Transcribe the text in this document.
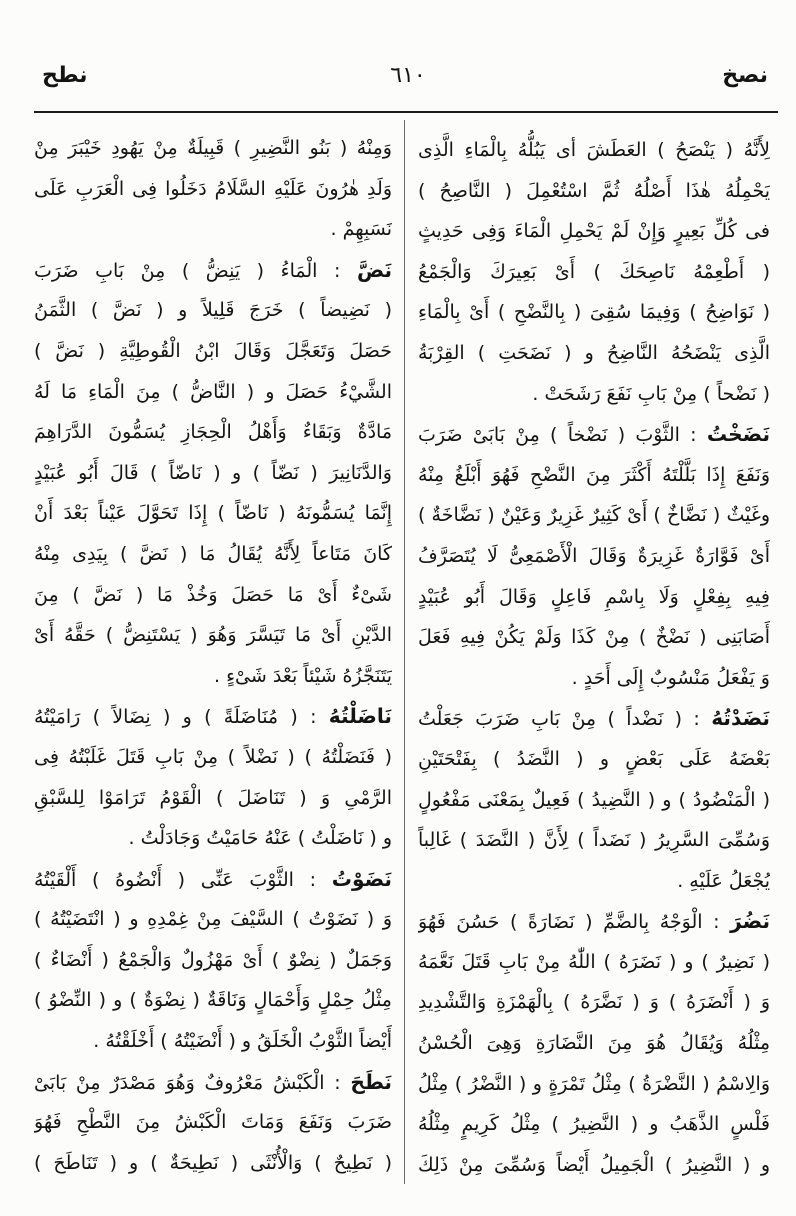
نصخ
٦١٠
نطح
لِأَنَّهُ ( يَنْصَحُ ) العَطَشَ أى يَبُلُّهُ بِالْمَاءِ الَّذِى
يَحْمِلُهُ هٰذَا أَصْلُهُ ثُمَّ اسْتُعْمِلَ ( النَّاصِحُ )
فى كُلِّ بَعِيرٍ وَإِنْ لَمْ يَحْمِلِ الْمَاءَ وَفِى حَدِيثٍ
( أَطْعِمْهُ نَاصِحَكَ ) أَىْ بَعِيرَكَ وَالْجَمْعُ
( نَوَاضِحُ ) وَفِيمَا سُقِىَ ( بِالنَّضْحِ ) أَىْ بِالْمَاءِ
الَّذِى يَنْضَحُهُ النَّاضِحُ و ( نَضَحَتِ ) القِرْبَةُ
( نَضْحاً ) مِنْ بَابِ نَفَعَ رَشَحَتْ .
نَضَخْتُ : الثَّوْبَ ( نَضْخاً ) مِنْ بَابَىْ ضَرَبَ
وَنَفَعَ إِذَا بَلَّلْتَهُ أَكْثَرَ مِنَ النَّضْحِ فَهُوَ أَبْلَغُ مِنْهُ
وغَيْثٌ ( نَضَّاخٌ ) أَىْ كَثِيرٌ غَزِيرٌ وَعَيْنٌ ( نَضَّاخَةٌ )
أَىْ فَوَّارَةٌ غَزِيرَةٌ وَقَالَ الْأَصْمَعِىُّ لَا يُتَصَرَّفُ
فِيهِ بِفِعْلٍ وَلَا بِاسْمِ فَاعِلٍ وَقَالَ أَبُو عُبَيْدٍ
أَصَابَنِى ( نَضْخٌ ) مِنْ كَذَا وَلَمْ يَكُنْ فِيهِ فَعَلَ
وَ يَفْعَلُ مَنْسُوبٌ إِلَى أَحَدٍ .
نَضَدْتُهُ : ( نَضْداً ) مِنْ بَابِ ضَرَبَ جَعَلْتُ
بَعْضَهُ عَلَى بَعْضٍ و ( النَّضَدُ ) بِفَتْحَتَيْنِ
( الْمَنْضُودُ ) و ( النَّضِيدُ ) فَعِيلٌ بِمَعْنَى مَفْعُولٍ
وَسُمِّىَ السَّرِيرُ ( نَضَداً ) لِأَنَّ ( النَّضَدَ ) غَالِباً
يُجْعَلُ عَلَيْهِ .
نَضُرَ : الْوَجْهُ بِالضَّمِّ ( نَضَارَةً ) حَسُنَ فَهُوَ
( نَضِيرٌ ) و ( نَضَرَهُ ) اللّٰهُ مِنْ بَابِ قَتَلَ نَعَّمَهُ
وَ ( أَنْضَرَهُ ) وَ ( نَضَّرَهُ ) بِالْهَمْزَةِ وَالتَّشْدِيدِ
مِثْلُهُ وَيُقَالُ هُوَ مِنَ النَّضَارَةِ وَهِىَ الْحُسْنُ
وَالِاسْمُ ( النَّضْرَةُ ) مِثْلُ تَمْرَةٍ و ( النَّضْرُ ) مِثْلُ
فَلْسٍ الذَّهَبُ و ( النَّضِيرُ ) مِثْلُ كَرِيمٍ مِثْلُهُ
و ( النَّضِيرُ ) الْجَمِيلُ أَيْضاً وَسُمِّىَ مِنْ ذَلِكَ
وَمِنْهُ ( بَنُو النَّضِيرِ ) قَبِيلَةٌ مِنْ يَهُودِ خَيْبَرَ مِنْ
وَلَدِ هٰرُونَ عَلَيْهِ السَّلَامُ دَخَلُوا فِى الْعَرَبِ عَلَى
نَسَبِهِمْ .
نَضَّ : الْمَاءُ ( يَنِضُّ ) مِنْ بَابِ ضَرَبَ
( نَضِيضاً ) خَرَجَ قَلِيلاً و ( نَضَّ ) الثَّمَنُ
حَصَلَ وَتَعَجَّلَ وَقَالَ ابْنُ الْقُوطِيَّةِ ( نَضَّ )
الشَّيْءُ حَصَلَ و ( النَّاضُّ ) مِنَ الْمَاءِ مَا لَهُ
مَادَّةٌ وَبَقَاءٌ وَأَهْلُ الْحِجَازِ يُسَمُّونَ الدَّرَاهِمَ
وَالدَّنَانِيرَ ( نَضّاً ) و ( نَاضّاً ) قَالَ أَبُو عُبَيْدٍ
إِنَّمَا يُسَمُّونَهُ ( نَاضّاً ) إِذَا تَحَوَّلَ عَيْناً بَعْدَ أَنْ
كَانَ مَتَاعاً لِأَنَّهُ يُقَالُ مَا ( نَضَّ ) بِيَدِى مِنْهُ
شَىْءٌ أَىْ مَا حَصَلَ وَخُذْ مَا ( نَضَّ ) مِنَ
الدَّيْنِ أَىْ مَا تَيَسَّرَ وَهُوَ ( يَسْتَنِضُّ ) حَقَّهُ أَىْ
يَتَنَجَّزُهُ شَيْئاً بَعْدَ شَىْءٍ .
نَاضَلْتُهُ : ( مُنَاضَلَةً ) و ( نِضَالاً ) رَامَيْتُهُ
( فَنَضَلْتُهُ ) ( نَضْلاً ) مِنْ بَابِ قَتَلَ غَلَبْتُهُ فِى
الرَّمْىِ وَ ( تَنَاضَلَ ) الْقَوْمُ تَرَامَوْا لِلسَّبْقِ
و ( نَاضَلْتُ ) عَنْهُ حَامَيْتُ وَجَادَلْتُ .
نَضَوْتُ : الثَّوْبَ عَنِّى ( أَنْضُوهُ ) أَلْقَيْتُهُ
وَ ( نَضَوْتُ ) السَّيْفَ مِنْ غِمْدِهِ و ( انْتَضَيْتُهُ )
وَجَمَلٌ ( نِضْوٌ ) أَىْ مَهْزُولٌ وَالْجَمْعُ ( أَنْضَاءٌ )
مِثْلُ حِمْلٍ وَأَحْمَالٍ وَنَاقَةٌ ( نِضْوَةٌ ) و ( النِّضْوُ )
أَيْضاً الثَّوْبُ الْخَلَقُ و ( أَنْضَيْتُهُ ) أَخْلَقْتُهُ .
نَطَحَ : الْكَبْشُ مَعْرُوفٌ وَهُوَ مَصْدَرٌ مِنْ بَابَىْ
ضَرَبَ وَنَفَعَ وَمَاتَ الْكَبْشُ مِنَ النَّطْحِ فَهُوَ
( نَطِيحٌ ) وَالْأُنْثَى ( نَطِيحَةٌ ) و ( تَنَاطَحَ )
